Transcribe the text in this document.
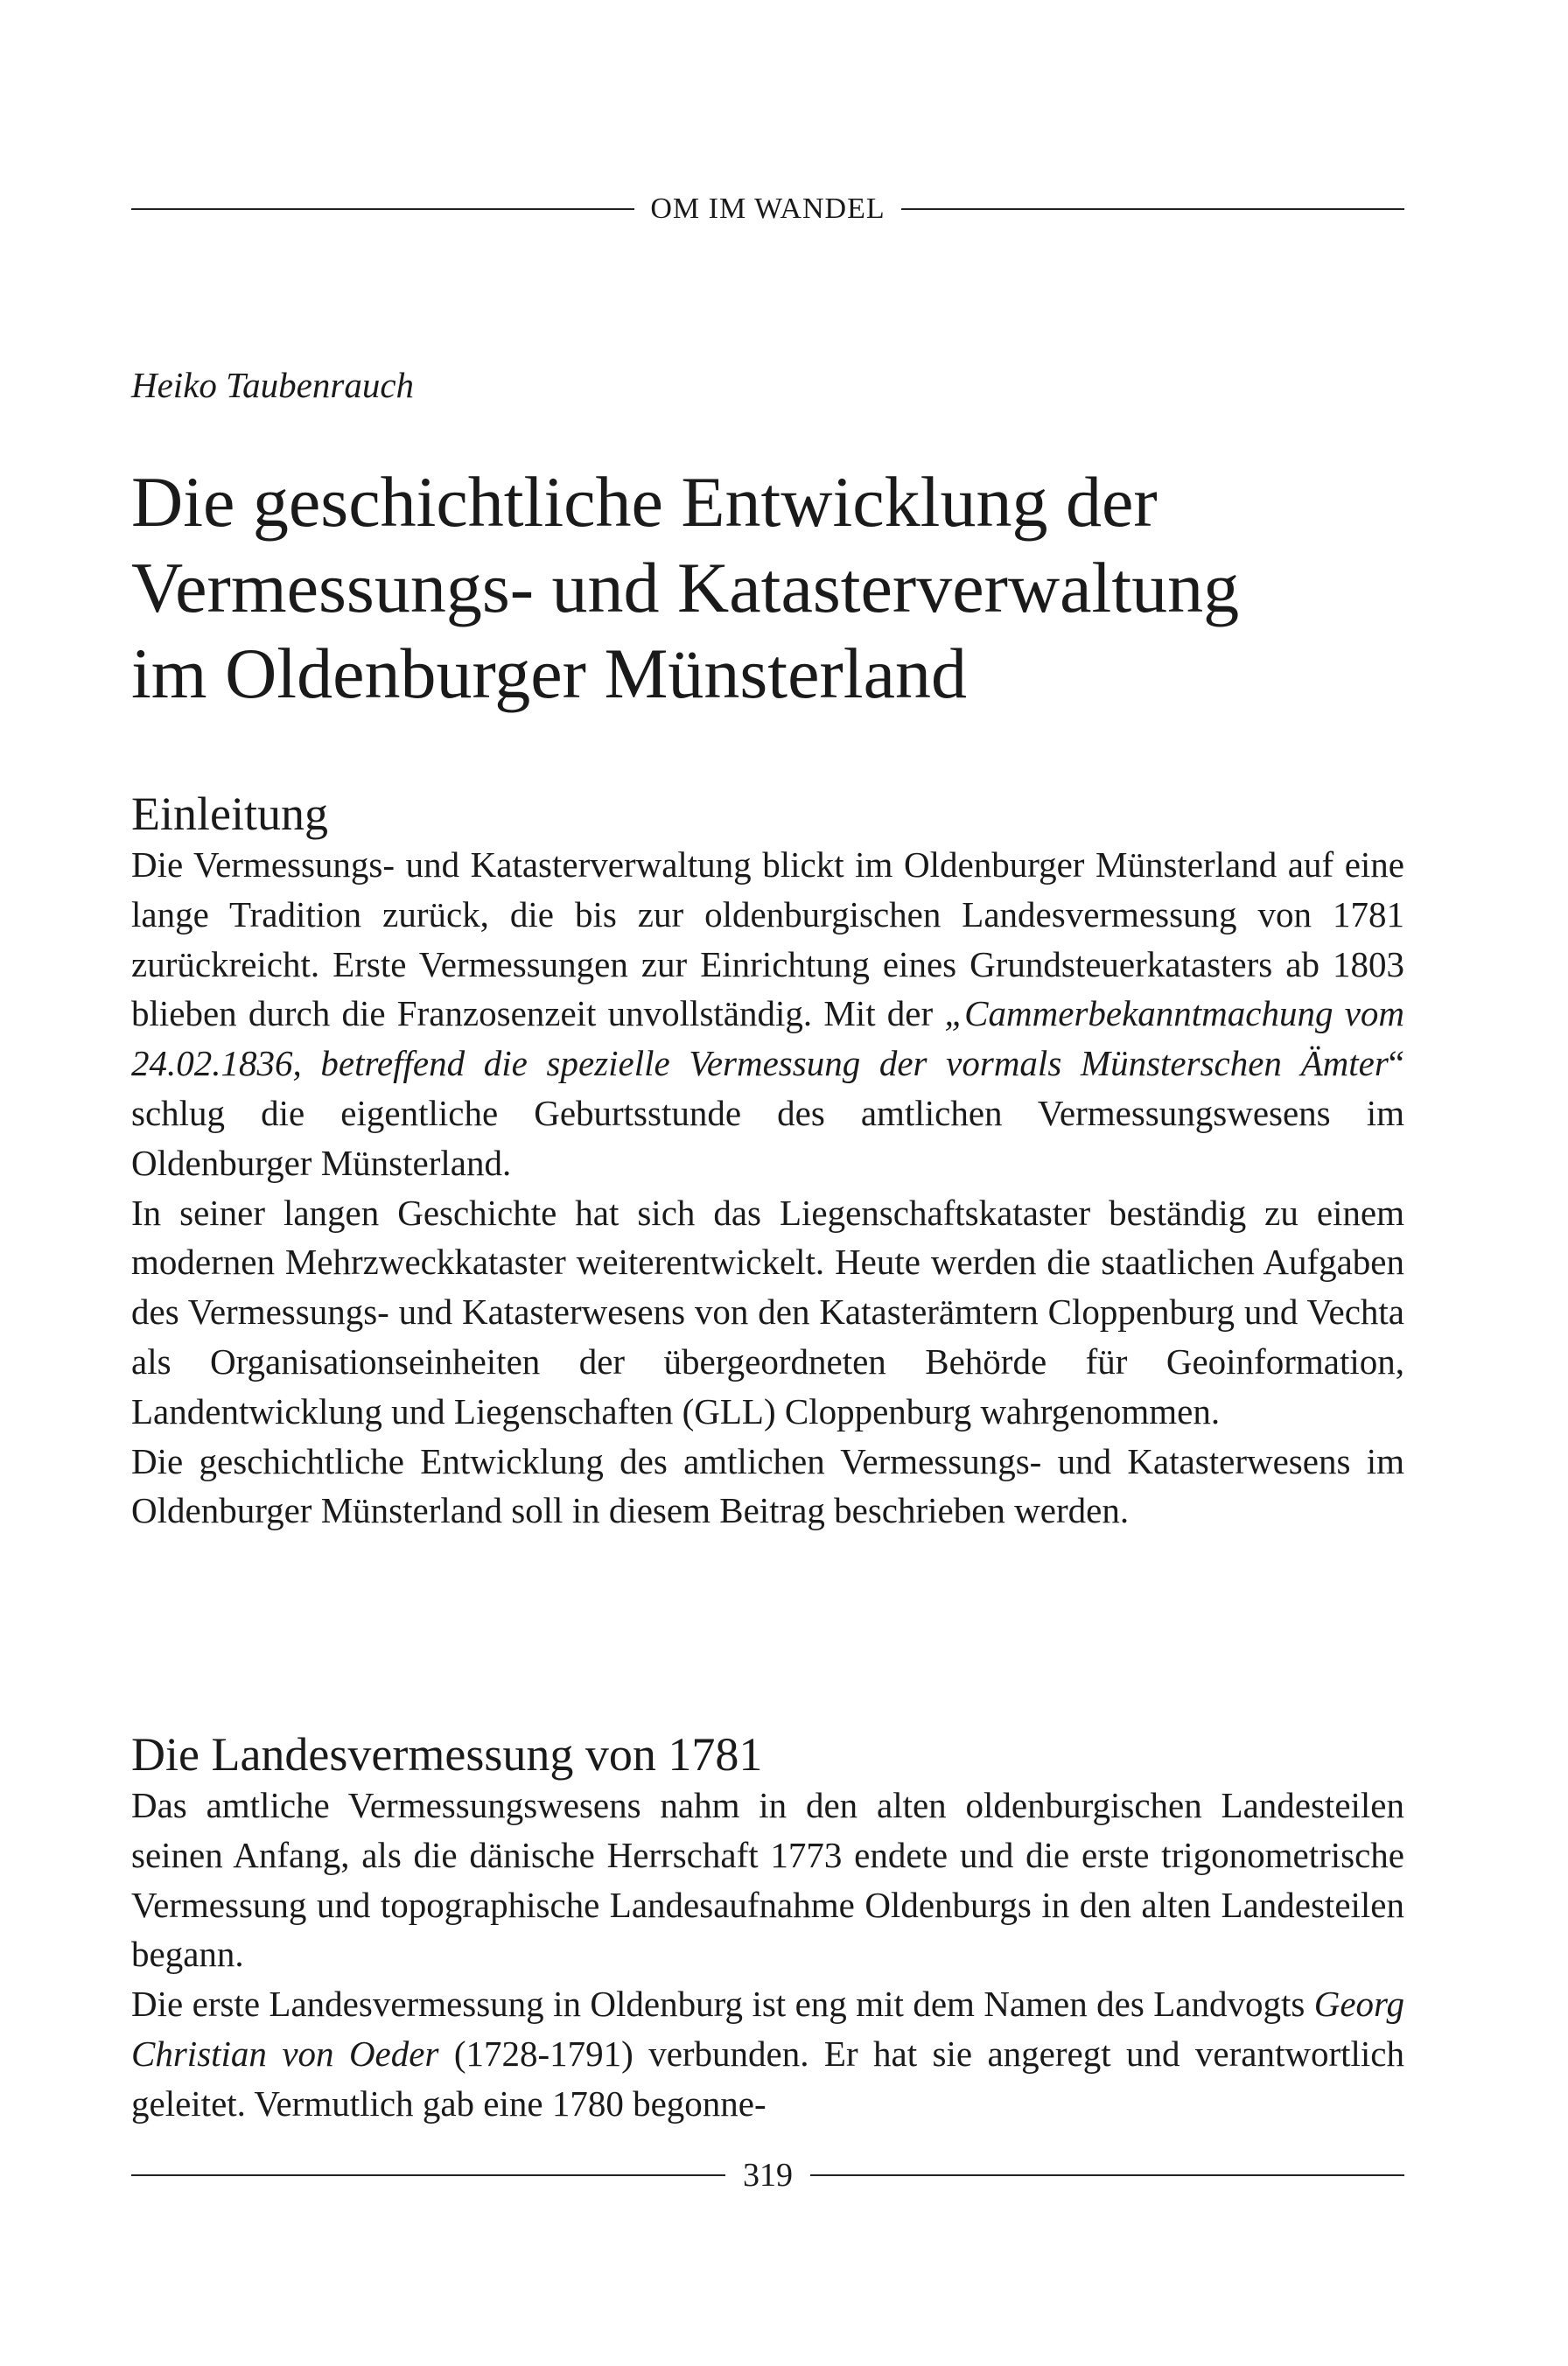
OM IM WANDEL
Heiko Taubenrauch
Die geschichtliche Entwicklung der
Vermessungs- und Katasterverwaltung
im Oldenburger Münsterland
Einleitung

Die Vermessungs- und Katasterverwaltung blickt im Oldenburger Münsterland auf eine lange Tradition zurück, die bis zur oldenburgischen Landesvermessung von 1781 zurückreicht. Erste Vermessungen zur Einrichtung eines Grundsteuerkatasters ab 1803 blieben durch die Franzosenzeit unvollständig. Mit der „Cammerbekanntmachung vom 24.02.1836, betreffend die spezielle Vermessung der vormals Münsterschen Ämter“ schlug die eigentliche Geburtsstunde des amtlichen Vermessungswesens im Oldenburger Münsterland.

In seiner langen Geschichte hat sich das Liegenschaftskataster beständig zu einem modernen Mehrzweckkataster weiterentwickelt. Heute werden die staatlichen Aufgaben des Vermessungs- und Katasterwesens von den Katasterämtern Cloppenburg und Vechta als Organisationseinheiten der übergeordneten Behörde für Geoinformation, Landentwicklung und Liegenschaften (GLL) Cloppenburg wahrgenommen.

Die geschichtliche Entwicklung des amtlichen Vermessungs- und Katasterwesens im Oldenburger Münsterland soll in diesem Beitrag beschrieben werden.

Die Landesvermessung von 1781

Das amtliche Vermessungswesens nahm in den alten oldenburgischen Landesteilen seinen Anfang, als die dänische Herrschaft 1773 endete und die erste trigonometrische Vermessung und topographische Landesaufnahme Oldenburgs in den alten Landesteilen begann.

Die erste Landesvermessung in Oldenburg ist eng mit dem Namen des Landvogts Georg Christian von Oeder (1728-1791) verbunden. Er hat sie angeregt und verantwortlich geleitet. Vermutlich gab eine 1780 begonne-

319
